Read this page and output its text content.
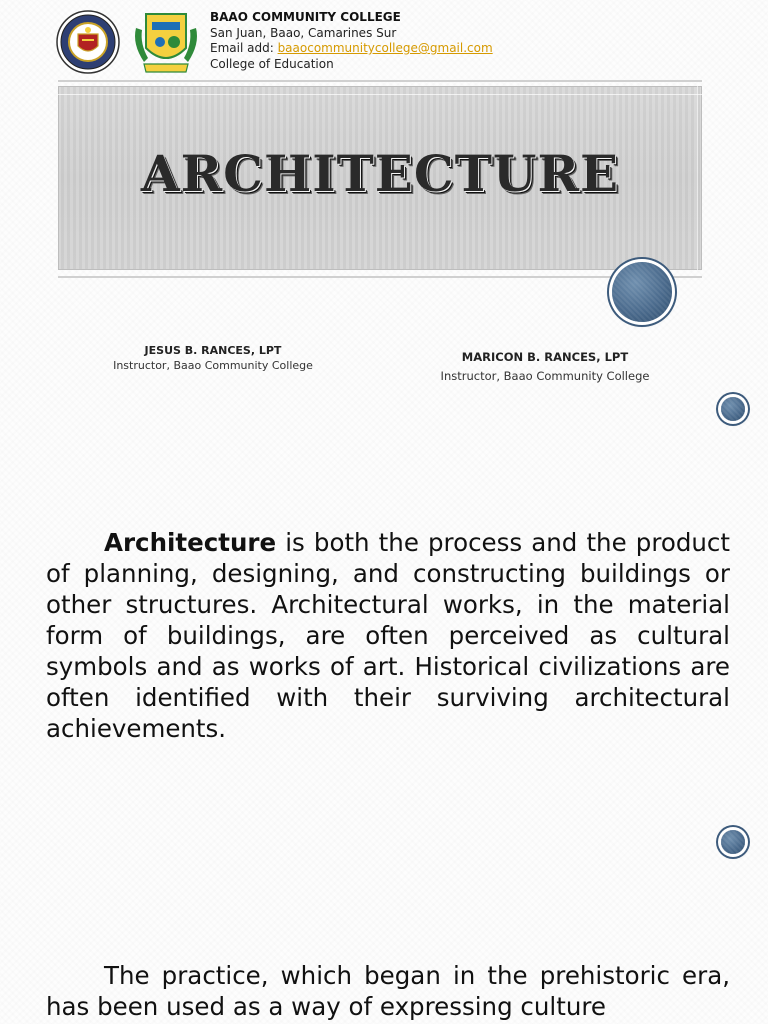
BAAO COMMUNITY COLLEGE
San Juan, Baao, Camarines Sur
Email add: baaocommunitycollege@gmail.com
College of Education
ARCHITECTURE
JESUS B. RANCES, LPT
Instructor, Baao Community College
MARICON B. RANCES, LPT
Instructor, Baao Community College
Architecture is both the process and the product of planning, designing, and constructing buildings or other structures. Architectural works, in the material form of buildings, are often perceived as cultural symbols and as works of art. Historical civilizations are often identified with their surviving architectural achievements.
The practice, which began in the prehistoric era, has been used as a way of expressing culture
